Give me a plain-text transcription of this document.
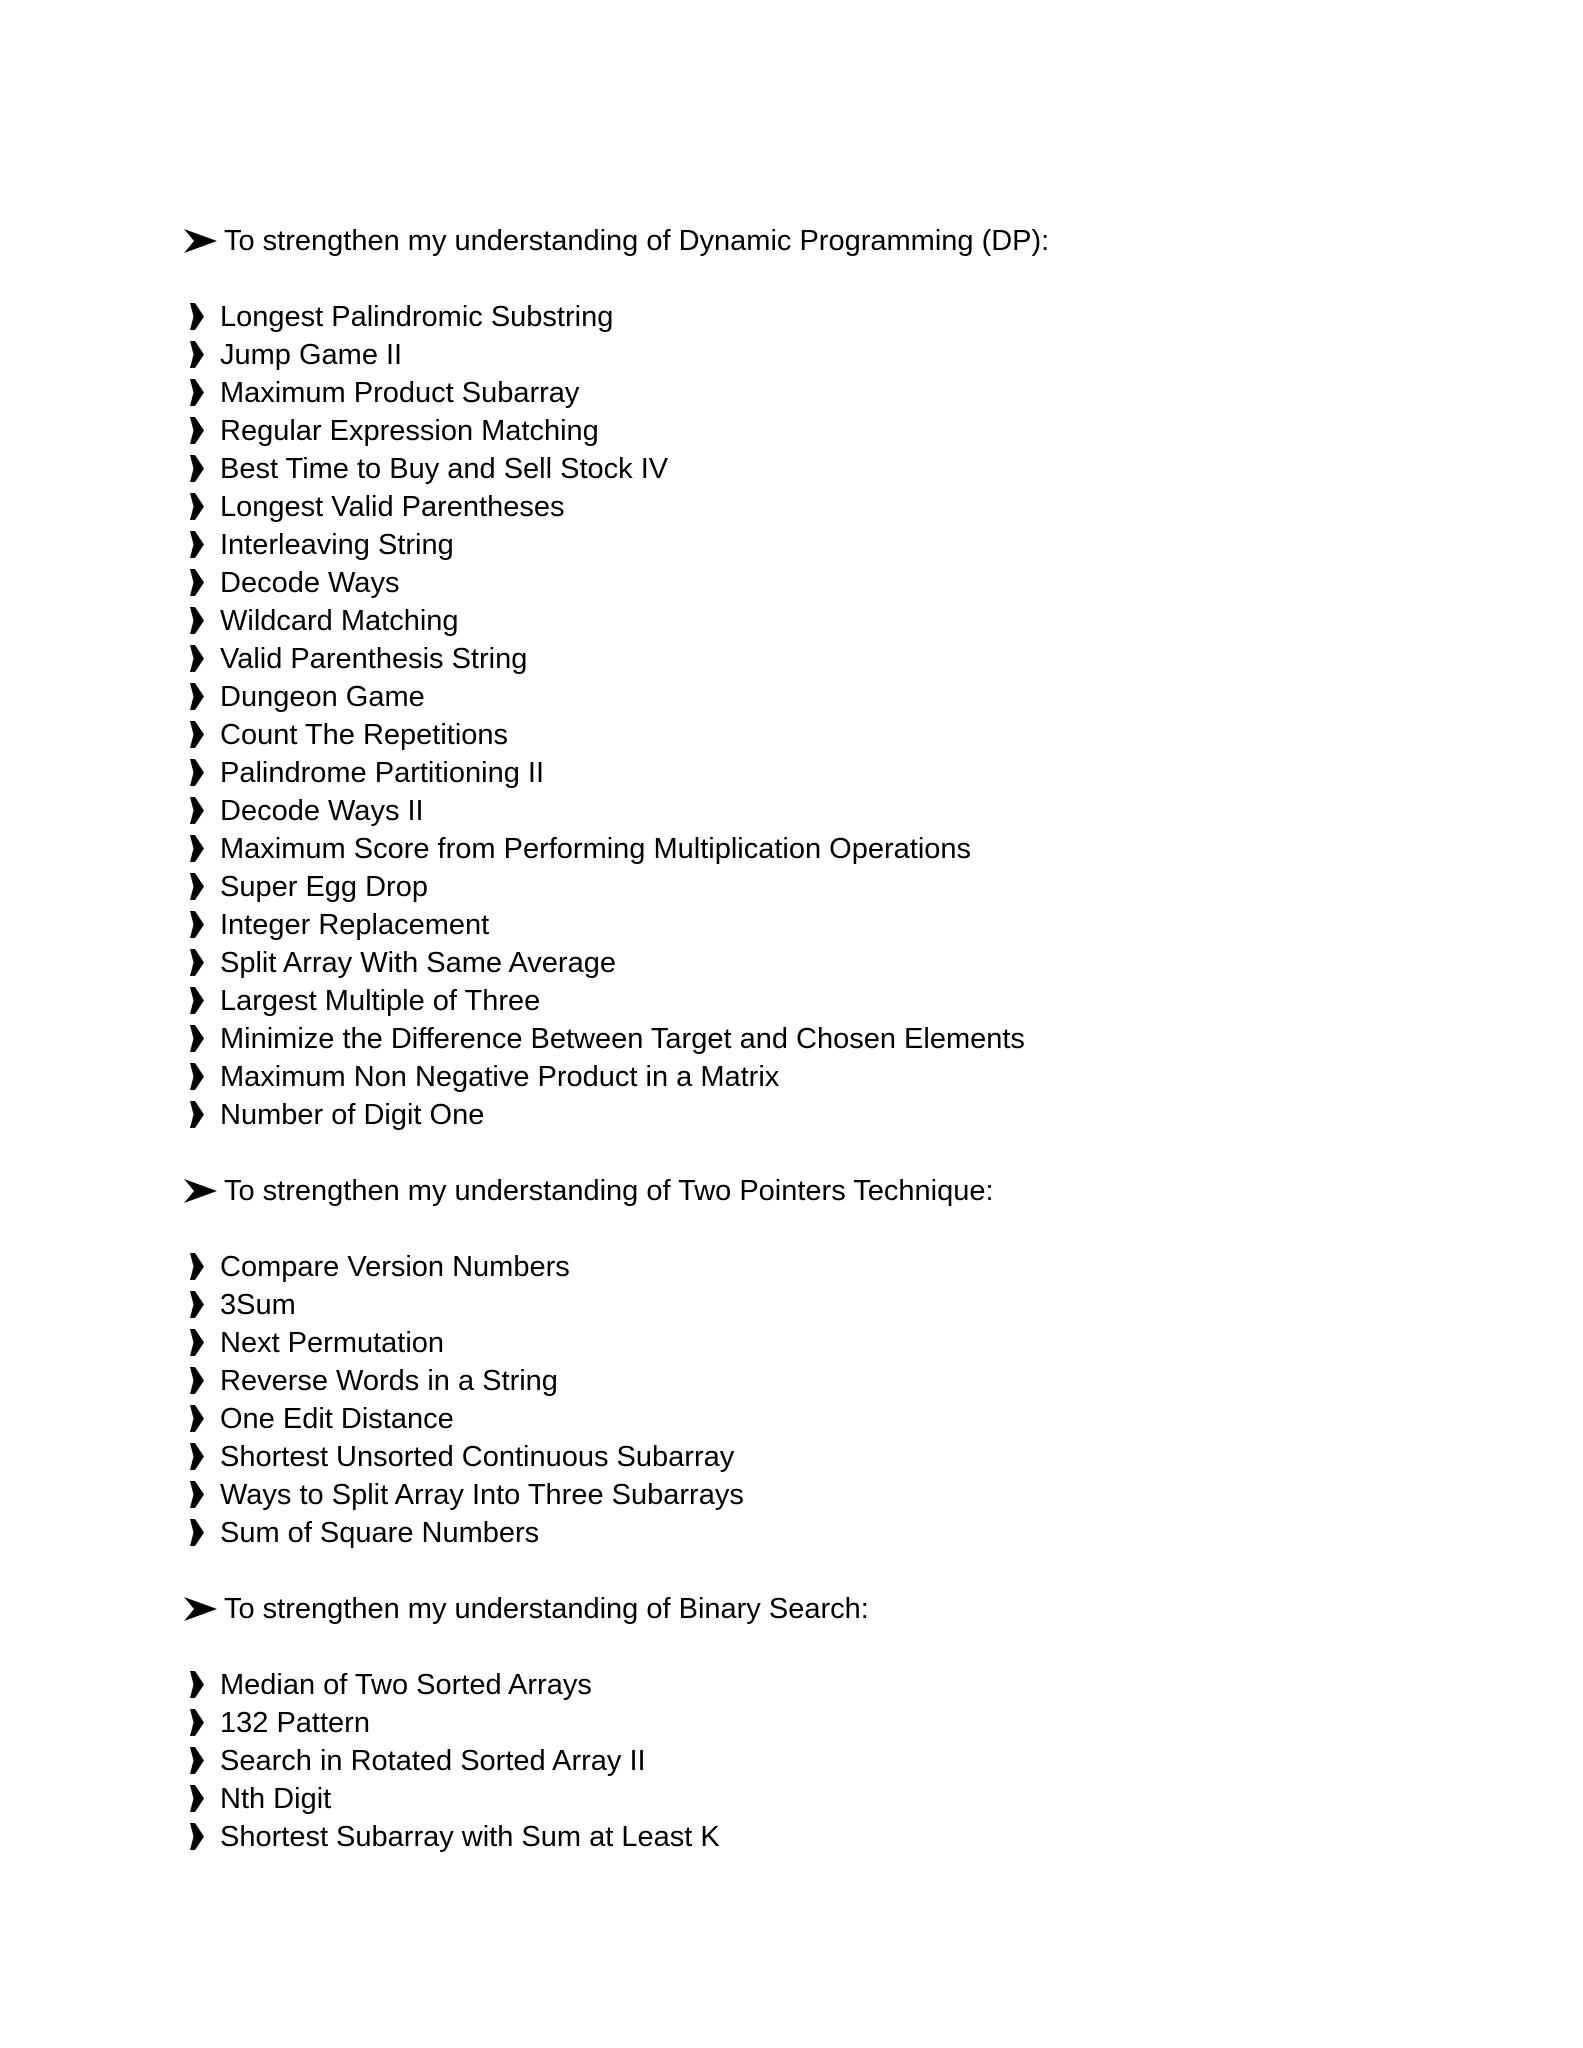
To strengthen my understanding of Dynamic Programming (DP):
Longest Palindromic Substring
Jump Game II
Maximum Product Subarray
Regular Expression Matching
Best Time to Buy and Sell Stock IV
Longest Valid Parentheses
Interleaving String
Decode Ways
Wildcard Matching
Valid Parenthesis String
Dungeon Game
Count The Repetitions
Palindrome Partitioning II
Decode Ways II
Maximum Score from Performing Multiplication Operations
Super Egg Drop
Integer Replacement
Split Array With Same Average
Largest Multiple of Three
Minimize the Difference Between Target and Chosen Elements
Maximum Non Negative Product in a Matrix
Number of Digit One
To strengthen my understanding of Two Pointers Technique:
Compare Version Numbers
3Sum
Next Permutation
Reverse Words in a String
One Edit Distance
Shortest Unsorted Continuous Subarray
Ways to Split Array Into Three Subarrays
Sum of Square Numbers
To strengthen my understanding of Binary Search:
Median of Two Sorted Arrays
132 Pattern
Search in Rotated Sorted Array II
Nth Digit
Shortest Subarray with Sum at Least K
